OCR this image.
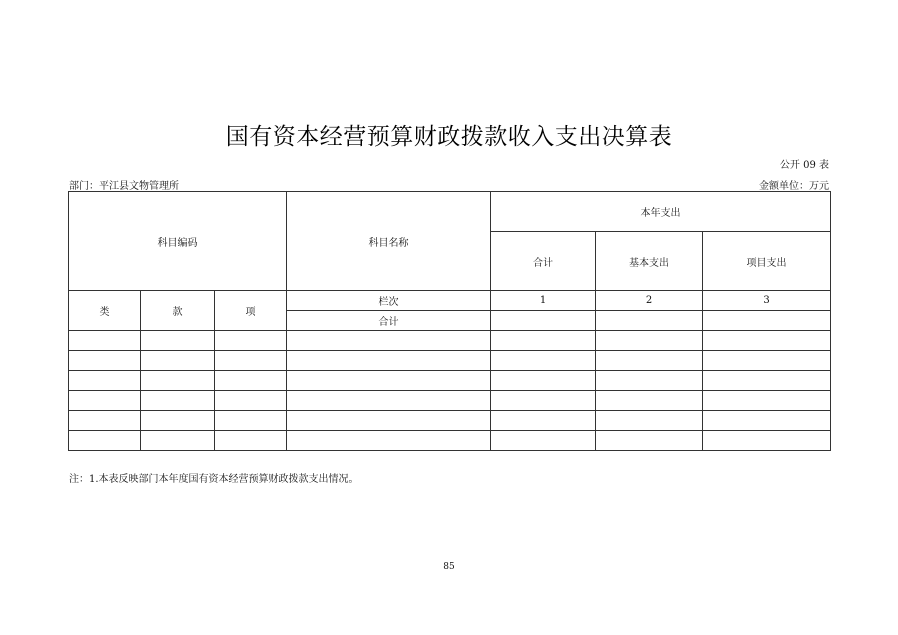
国有资本经营预算财政拨款收入支出决算表
公开 09 表
部门：平江县文物管理所	金额单位：万元
科目编码			科目名称	本年支出		
				合计	基本支出	项目支出
类	款	项	栏次	1	2	3
			合计			

注：1.本表反映部门本年度国有资本经营预算财政拨款支出情况。
85
